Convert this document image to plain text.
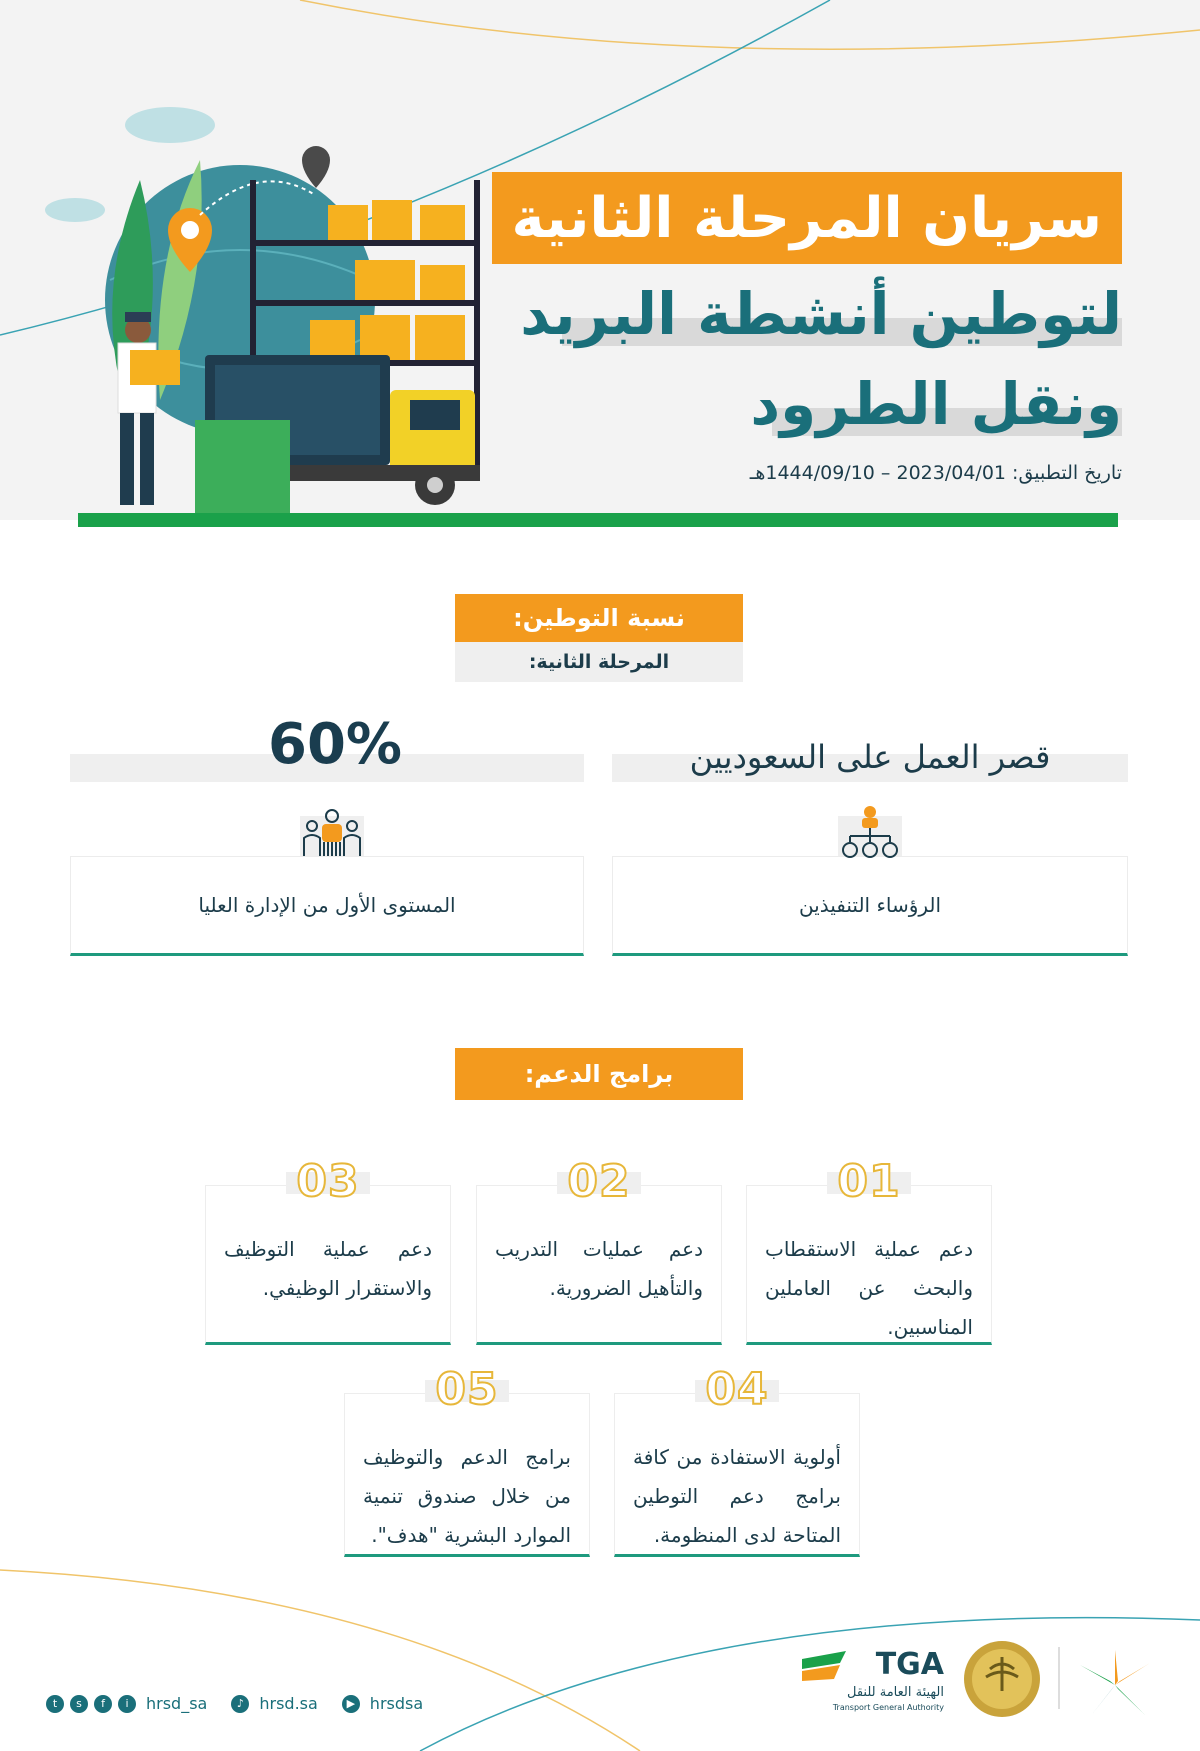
سريان المرحلة الثانية
لتوطين أنشطة البريد
ونقل الطرود
تاريخ التطبيق: 2023/04/01 – 1444/09/10هـ
نسبة التوطين:
المرحلة الثانية:
قصر العمل على السعوديين
60%
الرؤساء التنفيذين
المستوى الأول من الإدارة العليا
برامج الدعم:
01
دعم عملية الاستقطاب والبحث عن العاملين المناسبين.
02
دعم عمليات التدريب والتأهيل الضرورية.
03
دعم عملية التوظيف والاستقرار الوظيفي.
04
أولوية الاستفادة من كافة برامج دعم التوطين المتاحة لدى المنظومة.
05
برامج الدعم والتوظيف من خلال صندوق تنمية الموارد البشرية "هدف".
t	s	f	i	hrsd_sa	♪ hrsd.sa	▶ hrsdsa
TGA
الهيئة العامة للنقل
Transport General Authority
